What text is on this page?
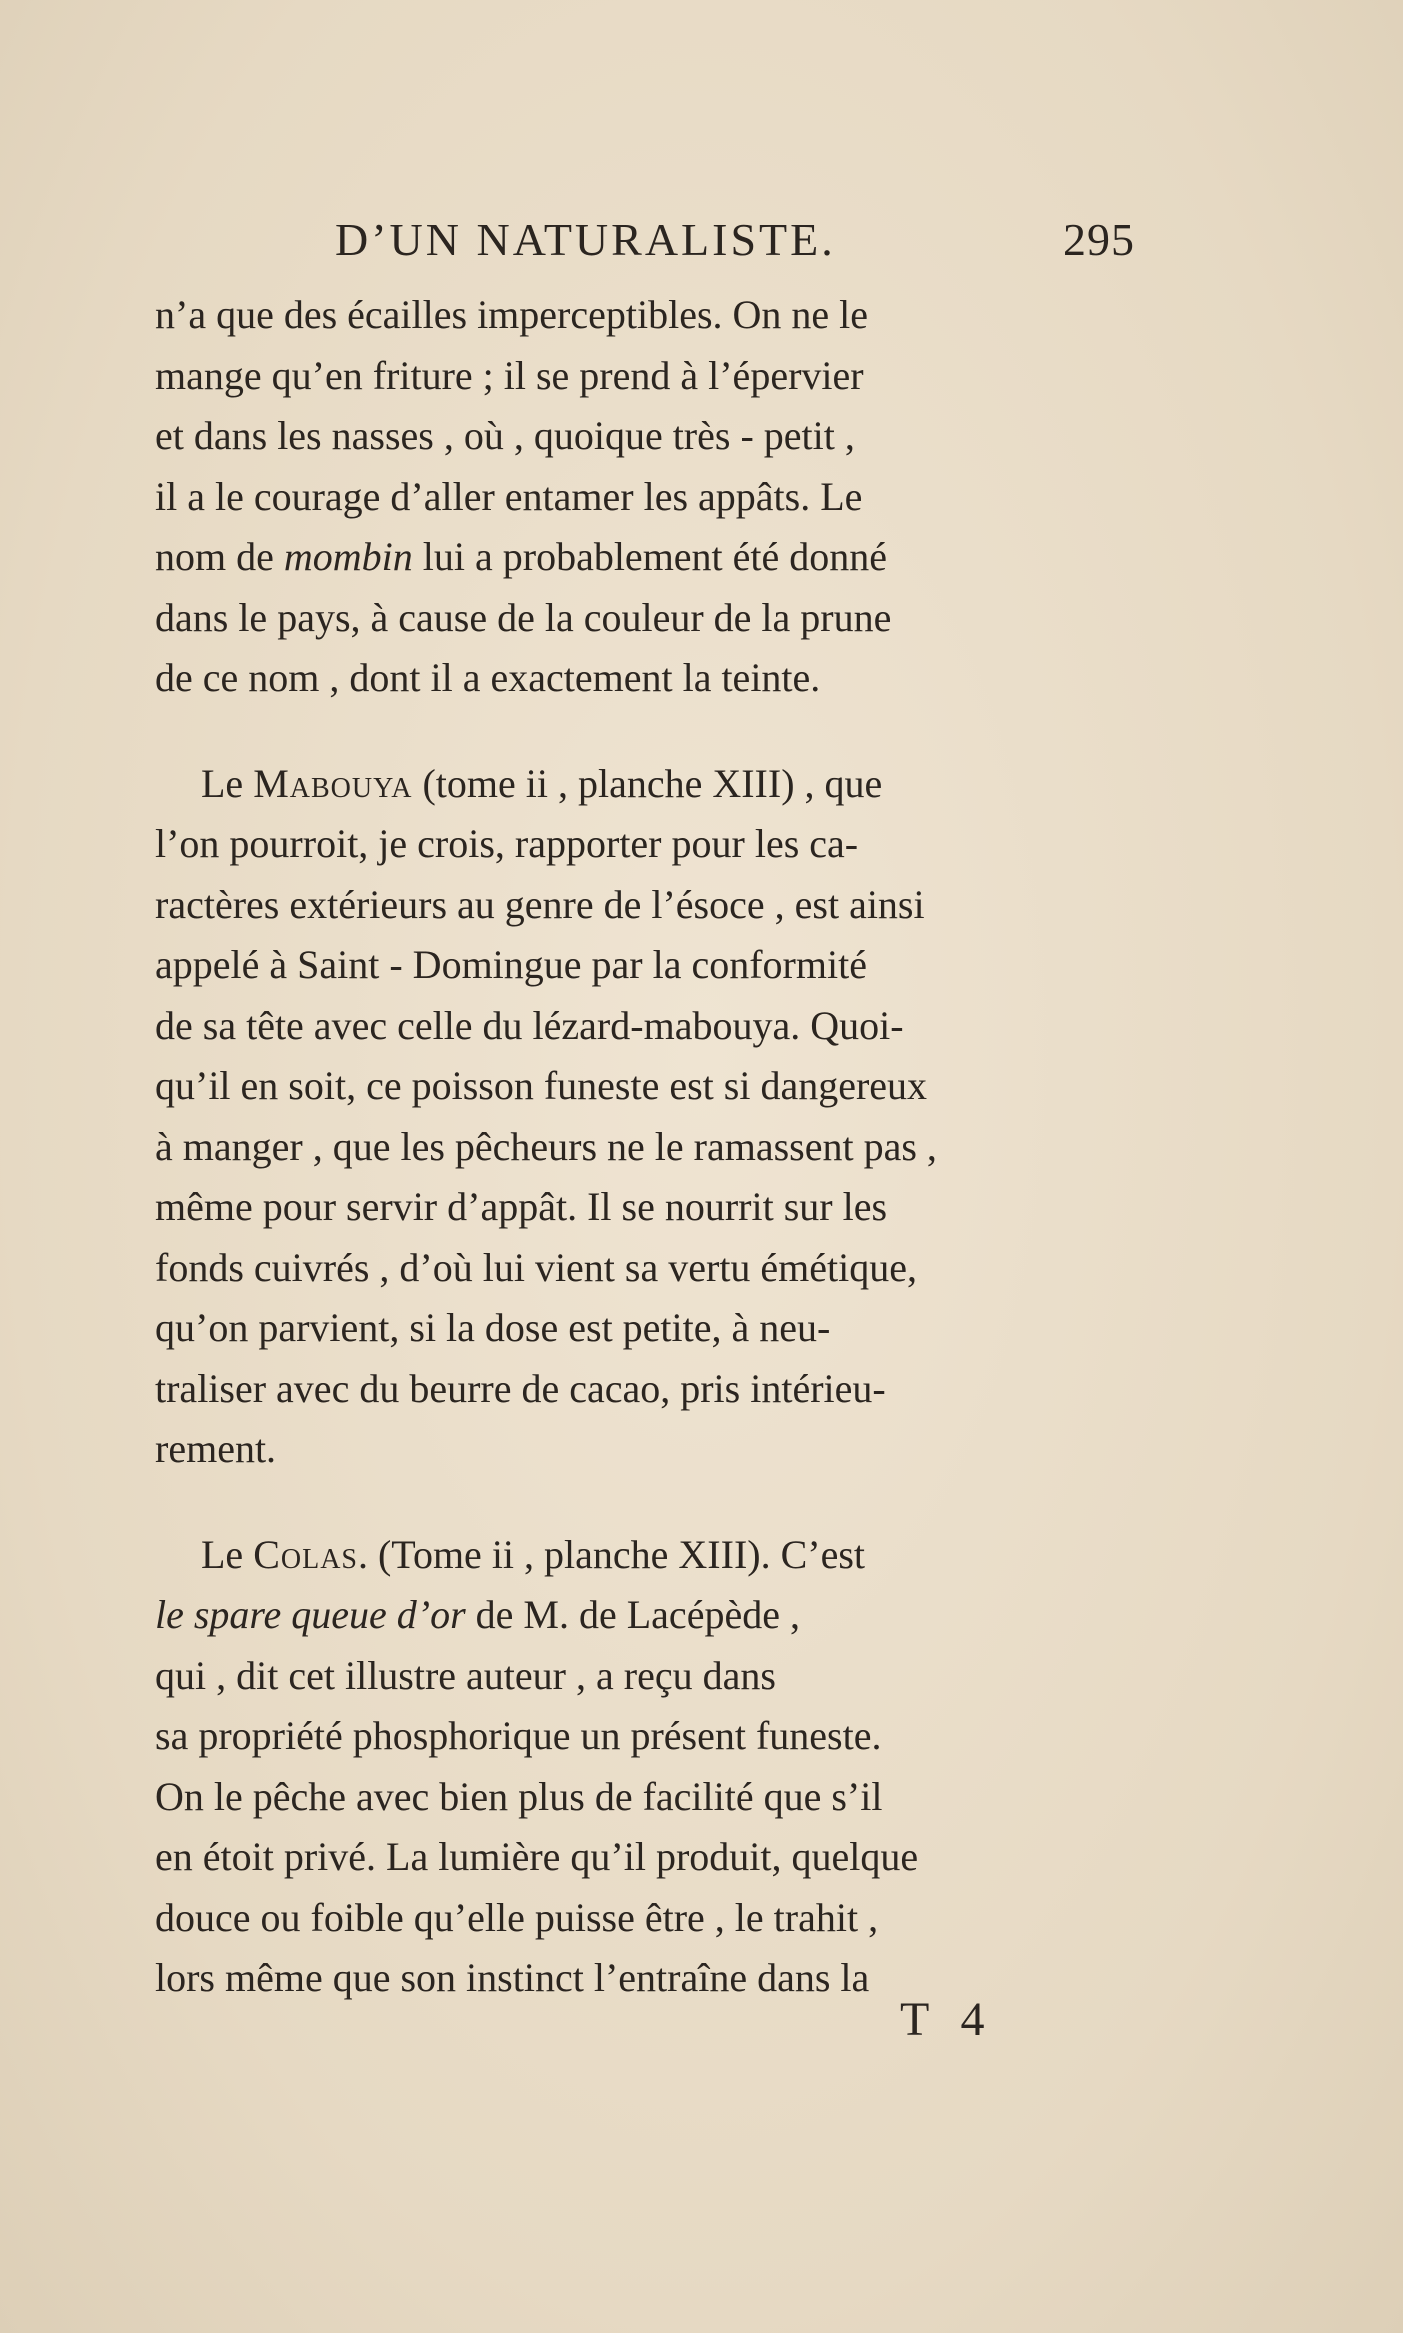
D’UN NATURALISTE.	295
n’a que des écailles imperceptibles. On ne le
mange qu’en friture ; il se prend à l’épervier
et dans les nasses , où , quoique très - petit ,
il a le courage d’aller entamer les appâts. Le
nom de mombin lui a probablement été donné
dans le pays, à cause de la couleur de la prune
de ce nom , dont il a exactement la teinte.
Le Mabouya (tome ii , planche XIII) , que
l’on pourroit, je crois, rapporter pour les ca-
ractères extérieurs au genre de l’ésoce , est ainsi
appelé à Saint - Domingue par la conformité
de sa tête avec celle du lézard-mabouya. Quoi-
qu’il en soit, ce poisson funeste est si dangereux
à manger , que les pêcheurs ne le ramassent pas ,
même pour servir d’appât. Il se nourrit sur les
fonds cuivrés , d’où lui vient sa vertu émétique,
qu’on parvient, si la dose est petite, à neu-
traliser avec du beurre de cacao, pris intérieu-
rement.
Le Colas. (Tome ii , planche XIII). C’est
le spare queue d’or de M. de Lacépède ,
qui , dit cet illustre auteur , a reçu dans
sa propriété phosphorique un présent funeste.
On le pêche avec bien plus de facilité que s’il
en étoit privé. La lumière qu’il produit, quelque
douce ou foible qu’elle puisse être , le trahit ,
lors même que son instinct l’entraîne dans la
T 4
